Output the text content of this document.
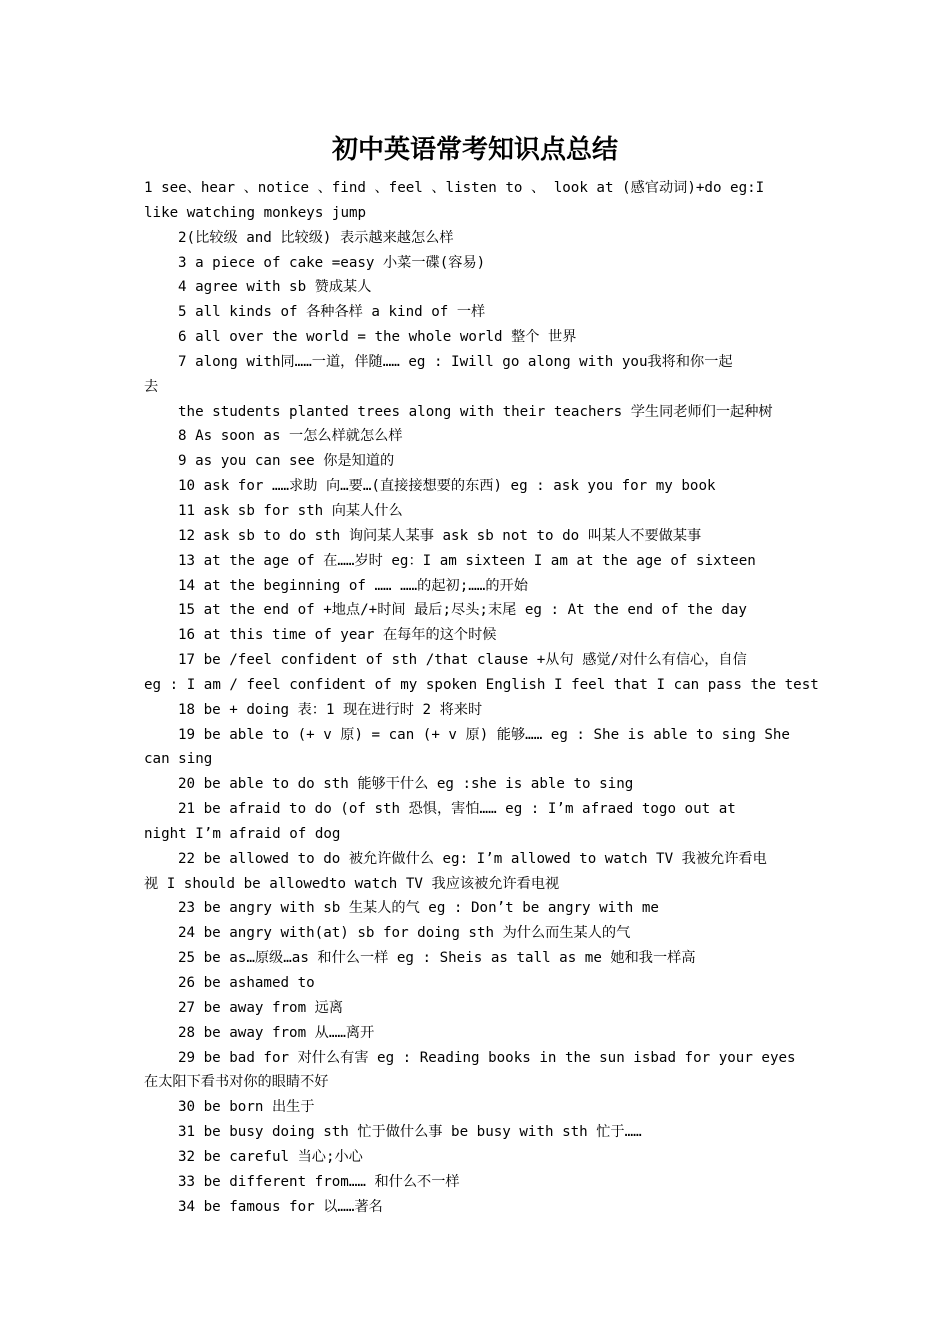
初中英语常考知识点总结
1 see、hear 、notice 、find 、feel 、listen to 、 look at (感官动词)+do eg:I
like watching monkeys jump
2(比较级 and 比较级) 表示越来越怎么样
3 a piece of cake =easy 小菜一碟(容易)
4 agree with sb 赞成某人
5 all kinds of 各种各样 a kind of 一样
6 all over the world = the whole world 整个 世界
7 along with同……一道，伴随…… eg : Iwill go along with you我将和你一起
去
the students planted trees along with their teachers 学生同老师们一起种树
8 As soon as 一怎么样就怎么样
9 as you can see 你是知道的
10 ask for ……求助 向…要…(直接接想要的东西) eg : ask you for my book
11 ask sb for sth 向某人什么
12 ask sb to do sth 询问某人某事 ask sb not to do 叫某人不要做某事
13 at the age of 在……岁时 eg：I am sixteen I am at the age of sixteen
14 at the beginning of …… ……的起初;……的开始
15 at the end of +地点/+时间 最后;尽头;末尾 eg : At the end of the day
16 at this time of year 在每年的这个时候
17 be /feel confident of sth /that clause +从句 感觉/对什么有信心，自信
eg : I am / feel confident of my spoken English I feel that I can pass the test
18 be + doing 表：1 现在进行时 2 将来时
19 be able to (+ v 原) = can (+ v 原) 能够…… eg : She is able to sing She
can sing
20 be able to do sth 能够干什么 eg :she is able to sing
21 be afraid to do (of sth 恐惧，害怕…… eg : I’m afraed togo out at
night I’m afraid of dog
22 be allowed to do 被允许做什么 eg: I’m allowed to watch TV 我被允许看电
视 I should be allowedto watch TV 我应该被允许看电视
23 be angry with sb 生某人的气 eg : Don’t be angry with me
24 be angry with(at) sb for doing sth 为什么而生某人的气
25 be as…原级…as 和什么一样 eg : Sheis as tall as me 她和我一样高
26 be ashamed to
27 be away from 远离
28 be away from 从……离开
29 be bad for 对什么有害 eg : Reading books in the sun isbad for your eyes
在太阳下看书对你的眼睛不好
30 be born 出生于
31 be busy doing sth 忙于做什么事 be busy with sth 忙于……
32 be careful 当心;小心
33 be different from…… 和什么不一样
34 be famous for 以……著名
